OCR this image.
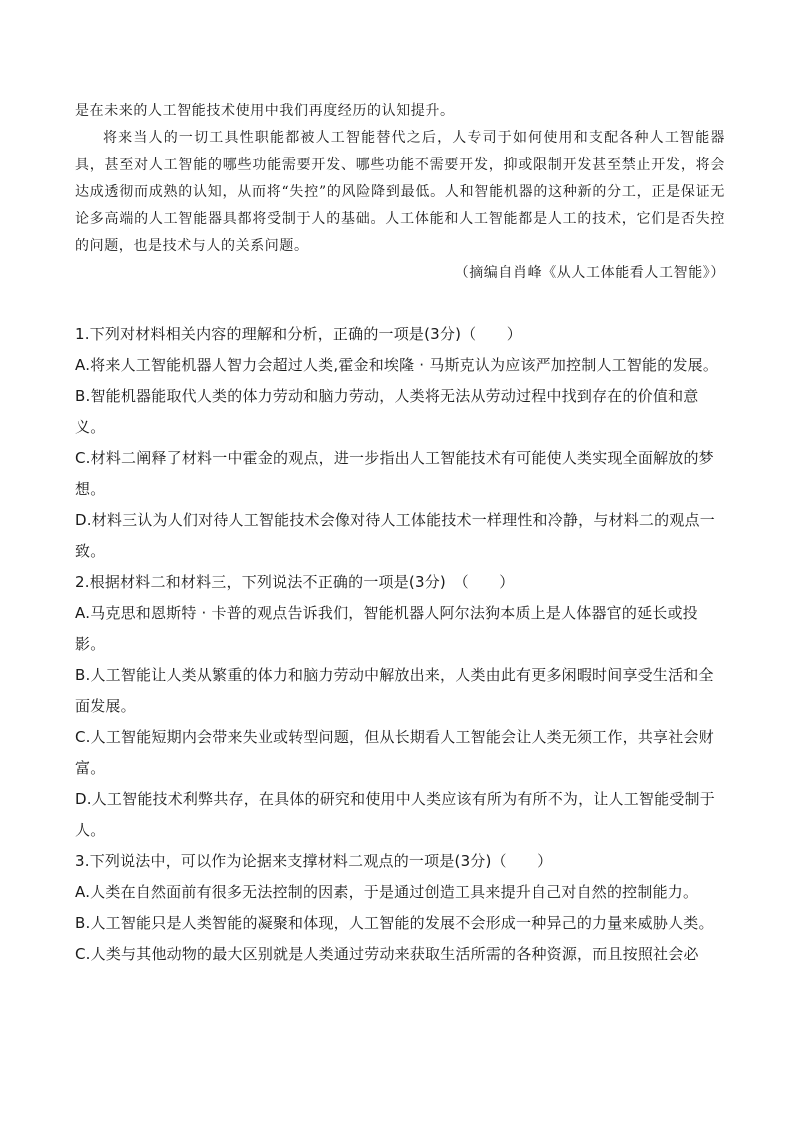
是在未来的人工智能技术使用中我们再度经历的认知提升。

将来当人的一切工具性职能都被人工智能替代之后，人专司于如何使用和支配各种人工智能器具，甚至对人工智能的哪些功能需要开发、哪些功能不需要开发，抑或限制开发甚至禁止开发，将会达成透彻而成熟的认知，从而将“失控”的风险降到最低。人和智能机器的这种新的分工，正是保证无论多高端的人工智能器具都将受制于人的基础。人工体能和人工智能都是人工的技术，它们是否失控的问题，也是技术与人的关系问题。

（摘编自肖峰《从人工体能看人工智能》）

1.下列对材料相关内容的理解和分析，正确的一项是(3分)（　　）

A.将来人工智能机器人智力会超过人类,霍金和埃隆 · 马斯克认为应该严加控制人工智能的发展。

B.智能机器能取代人类的体力劳动和脑力劳动，人类将无法从劳动过程中找到存在的价值和意义。

C.材料二阐释了材料一中霍金的观点，进一步指出人工智能技术有可能使人类实现全面解放的梦想。

D.材料三认为人们对待人工智能技术会像对待人工体能技术一样理性和冷静，与材料二的观点一致。

2.根据材料二和材料三，下列说法不正确的一项是(3分)　（　　）

A.马克思和恩斯特 · 卡普的观点告诉我们，智能机器人阿尔法狗本质上是人体器官的延长或投影。

B.人工智能让人类从繁重的体力和脑力劳动中解放出来，人类由此有更多闲暇时间享受生活和全面发展。

C.人工智能短期内会带来失业或转型问题，但从长期看人工智能会让人类无须工作，共享社会财富。

D.人工智能技术利弊共存，在具体的研究和使用中人类应该有所为有所不为，让人工智能受制于人。

3.下列说法中，可以作为论据来支撑材料二观点的一项是(3分)（　　）

A.人类在自然面前有很多无法控制的因素，于是通过创造工具来提升自己对自然的控制能力。

B.人工智能只是人类智能的凝聚和体现，人工智能的发展不会形成一种异己的力量来威胁人类。

C.人类与其他动物的最大区别就是人类通过劳动来获取生活所需的各种资源，而且按照社会必
